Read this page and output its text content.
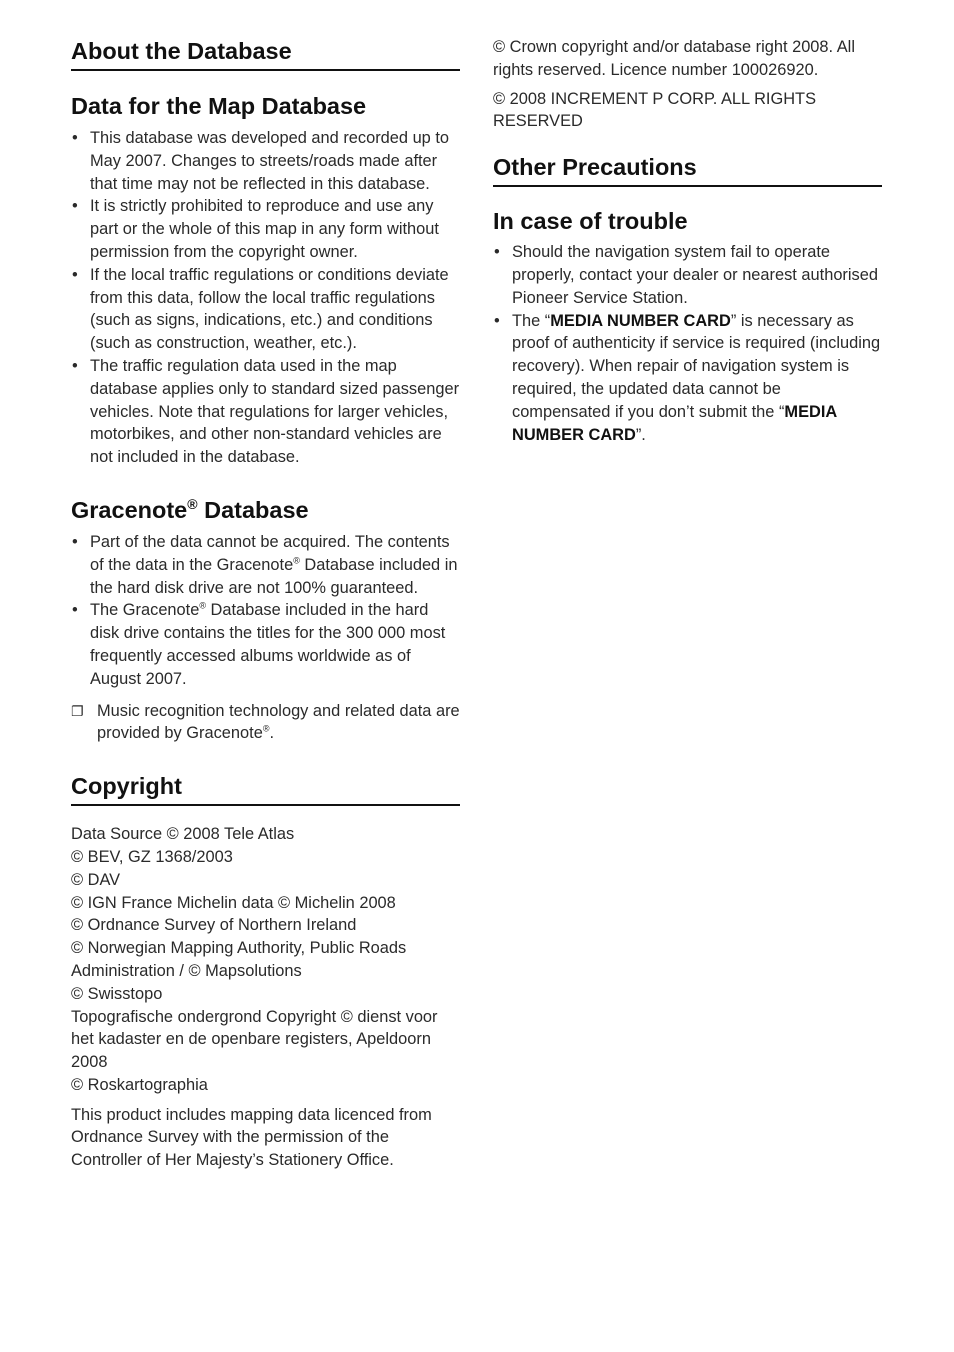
About the Database
Data for the Map Database
• This database was developed and recorded up to May 2007. Changes to streets/roads made after that time may not be reflected in this database.
• It is strictly prohibited to reproduce and use any part or the whole of this map in any form without permission from the copyright owner.
• If the local traffic regulations or conditions deviate from this data, follow the local traffic regulations (such as signs, indications, etc.) and conditions (such as construction, weather, etc.).
• The traffic regulation data used in the map database applies only to standard sized passenger vehicles. Note that regulations for larger vehicles, motorbikes, and other non-standard vehicles are not included in the database.
Gracenote® Database
• Part of the data cannot be acquired. The contents of the data in the Gracenote® Database included in the hard disk drive are not 100% guaranteed.
• The Gracenote® Database included in the hard disk drive contains the titles for the 300 000 most frequently accessed albums worldwide as of August 2007.
❐ Music recognition technology and related data are provided by Gracenote®.
Copyright

Data Source © 2008 Tele Atlas

© BEV, GZ 1368/2003

© DAV

© IGN France Michelin data © Michelin 2008

© Ordnance Survey of Northern Ireland

© Norwegian Mapping Authority, Public Roads Administration / © Mapsolutions

© Swisstopo

Topografische ondergrond Copyright © dienst voor het kadaster en de openbare registers, Apeldoorn 2008

© Roskartographia

This product includes mapping data licenced from Ordnance Survey with the permission of the Controller of Her Majesty’s Stationery Office.

© Crown copyright and/or database right 2008. All rights reserved. Licence number 100026920.

© 2008 INCREMENT P CORP. ALL RIGHTS RESERVED

Other Precautions
In case of trouble
• Should the navigation system fail to operate properly, contact your dealer or nearest authorised Pioneer Service Station.
• The “MEDIA NUMBER CARD” is necessary as proof of authenticity if service is required (including recovery). When repair of navigation system is required, the updated data cannot be compensated if you don’t submit the “MEDIA NUMBER CARD”.
